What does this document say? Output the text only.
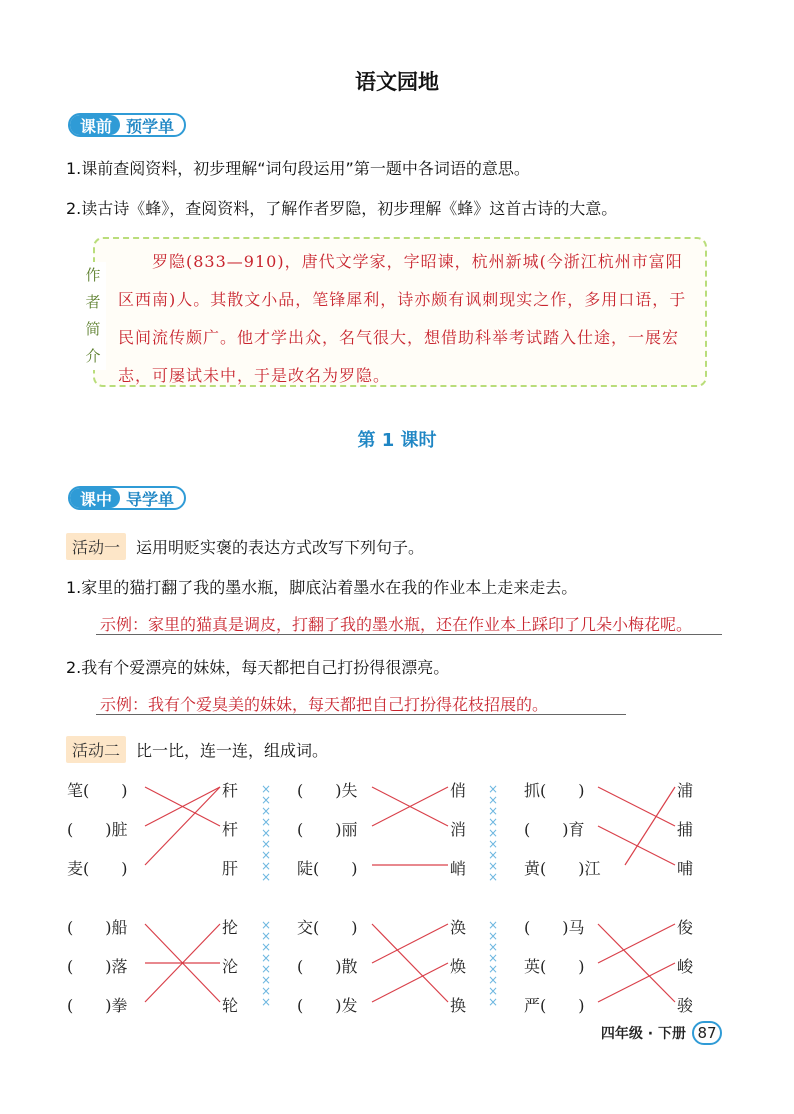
语文园地
课前 预学单
1.课前查阅资料，初步理解“词句段运用”第一题中各词语的意思。
2.读古诗《蜂》，查阅资料，了解作者罗隐，初步理解《蜂》这首古诗的大意。
作
者
简
介
　　罗隐(833—910)，唐代文学家，字昭谏，杭州新城(今浙江杭州市富阳区西南)人。其散文小品，笔锋犀利，诗亦颇有讽刺现实之作，多用口语，于民间流传颇广。他才学出众，名气很大，想借助科举考试踏入仕途，一展宏志，可屡试未中，于是改名为罗隐。
第 1 课时
课中 导学单
活动一	运用明贬实褒的表达方式改写下列句子。
1.家里的猫打翻了我的墨水瓶，脚底沾着墨水在我的作业本上走来走去。
示例：家里的猫真是调皮，打翻了我的墨水瓶，还在作业本上踩印了几朵小梅花呢。
2.我有个爱漂亮的妹妹，每天都把自己打扮得很漂亮。
示例：我有个爱臭美的妹妹，每天都把自己打扮得花枝招展的。
活动二	比一比，连一连，组成词。
笔(　　)
(　　)脏
麦(　　)
秆
杆
肝
(　　)失
(　　)丽
陡(　　)
俏
消
峭
抓(　　)
(　　)育
黄(　　)江
浦
捕
哺
(　　)船
(　　)落
(　　)拳
抡
沦
轮
交(　　)
(　　)散
(　　)发
涣
焕
换
(　　)马
英(　　)
严(　　)
俊
峻
骏
×
×
×
×
×
×
×
×
×
×
×
×
×
×
×
×
×
×
×
×
×
×
×
×
×
×
×
×
×
×
×
×
×
×
四年级 · 下册 87
